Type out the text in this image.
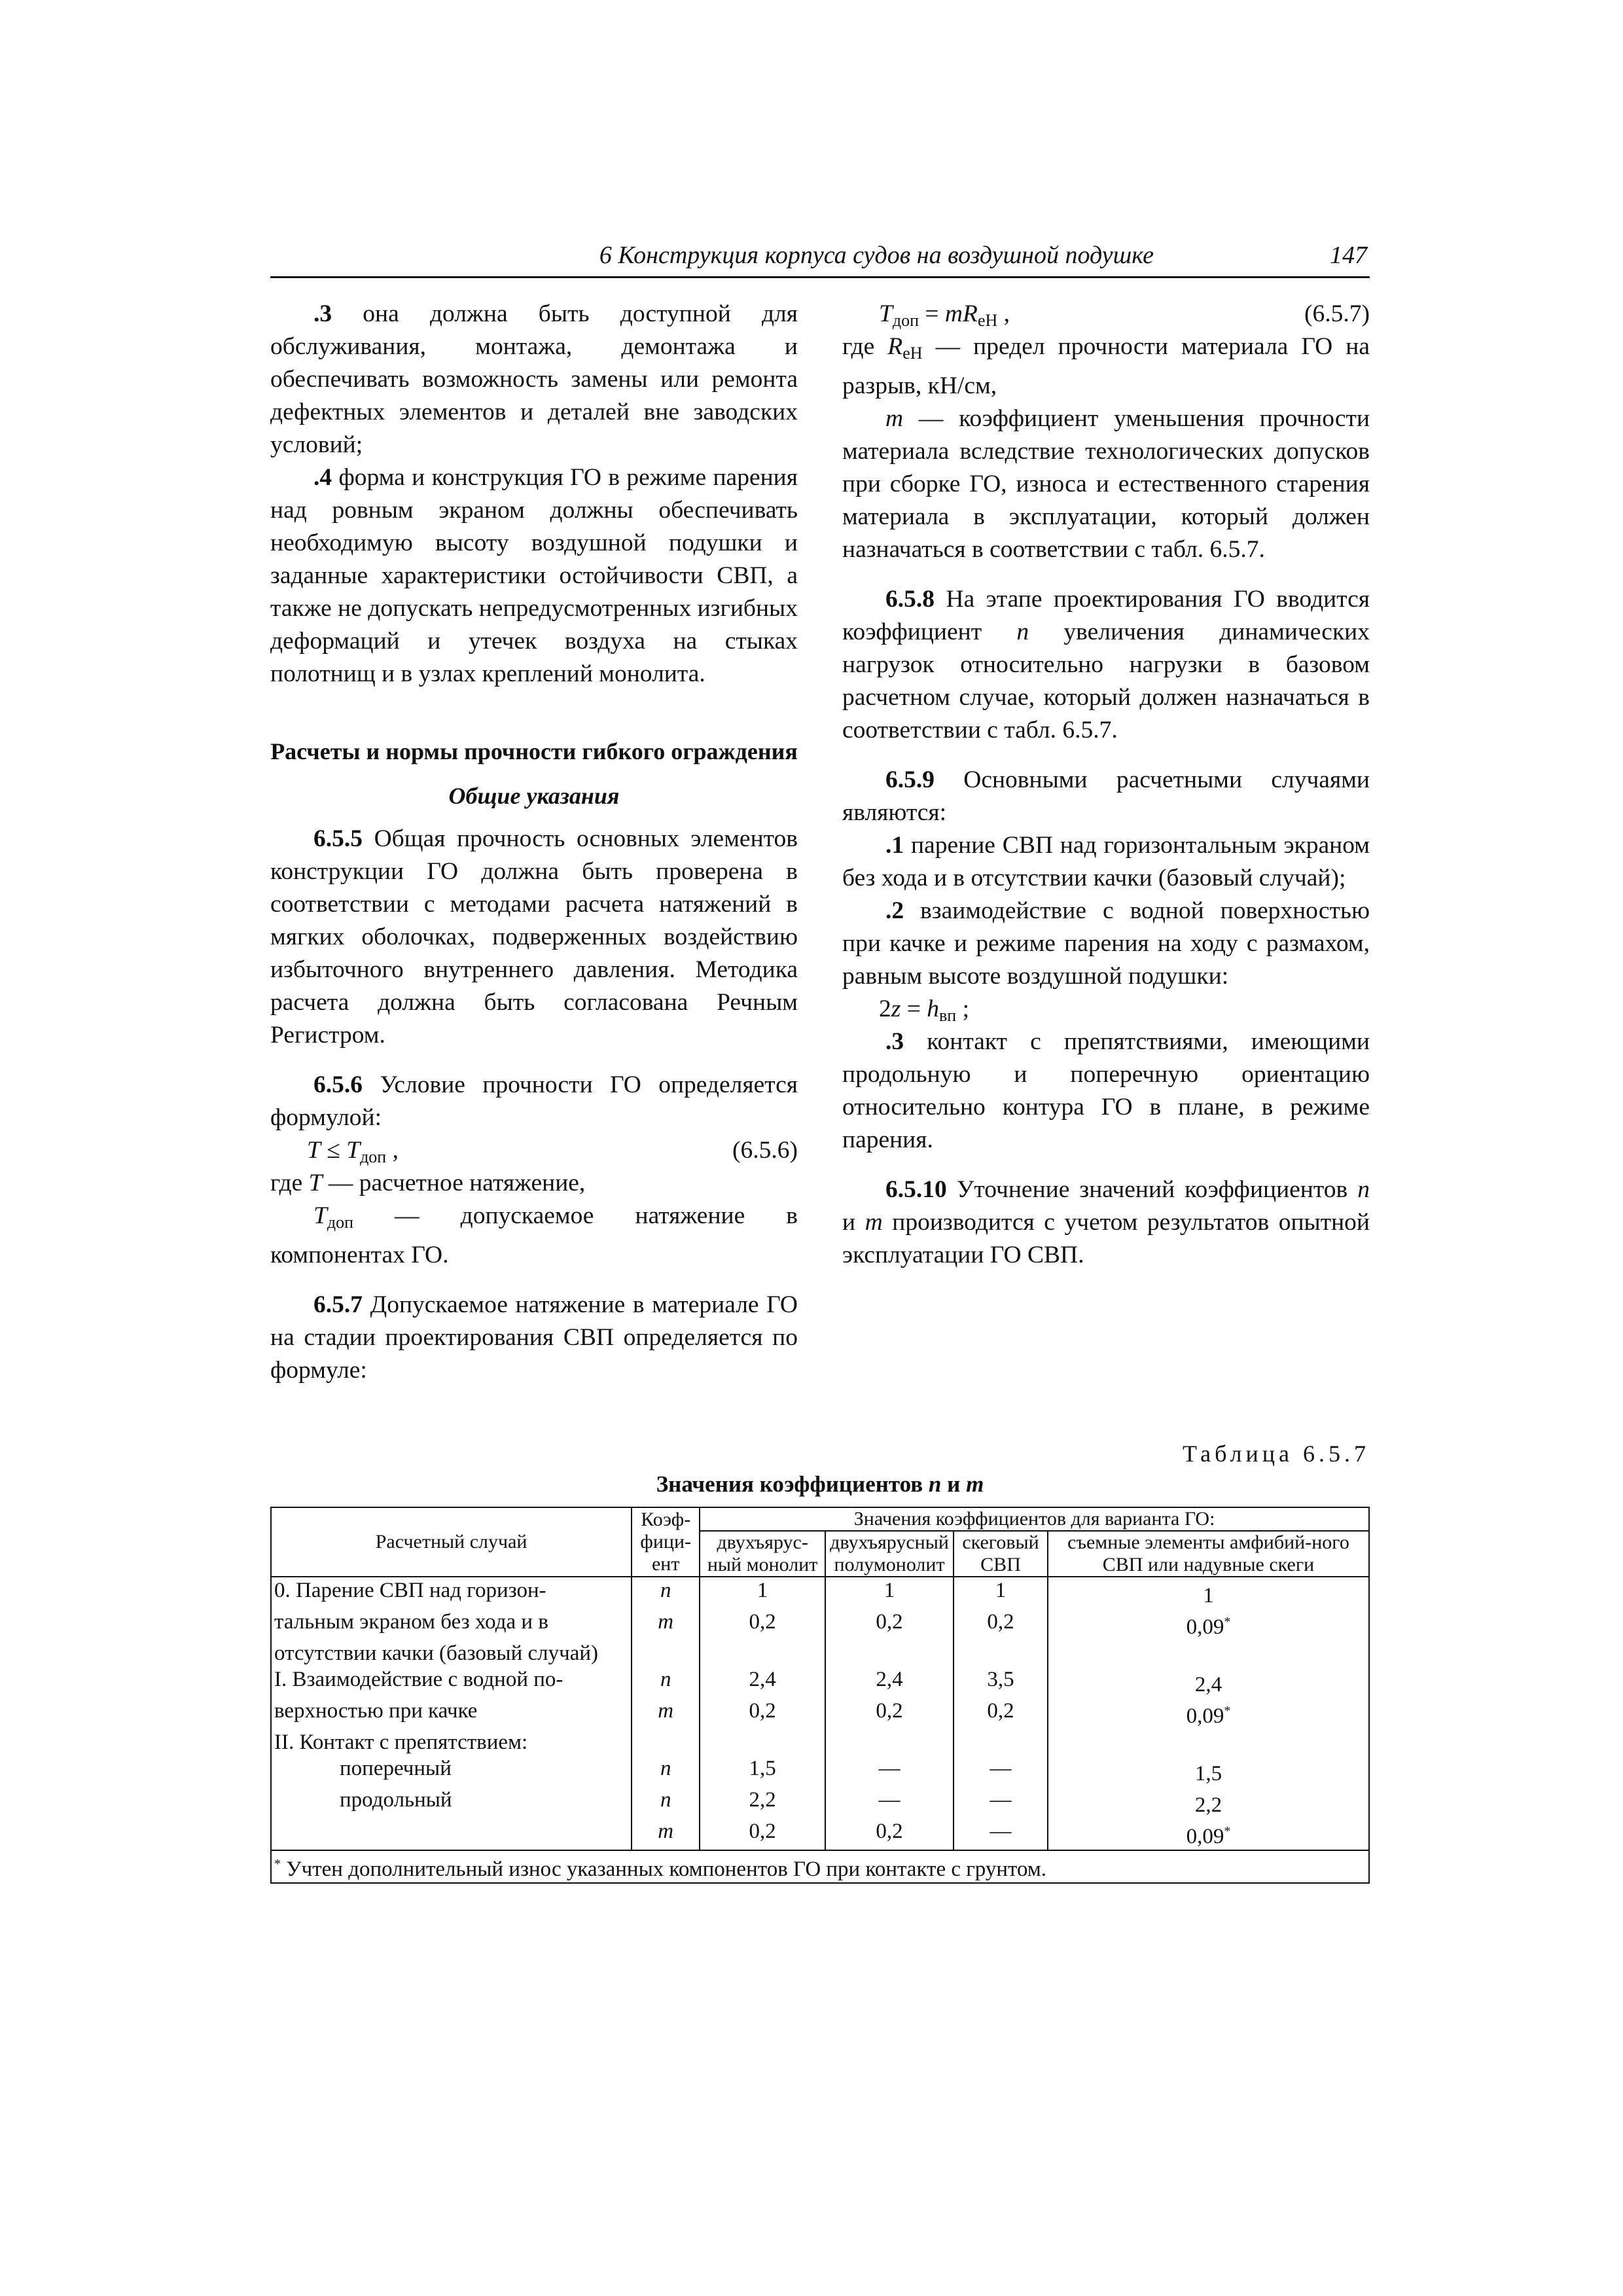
6 Конструкция корпуса судов на воздушной подушке	147

.3 она должна быть доступной для обслуживания, монтажа, демонтажа и обеспечивать возможность замены или ремонта дефектных элементов и деталей вне заводских условий;

.4 форма и конструкция ГО в режиме парения над ровным экраном должны обеспечивать необходимую высоту воздушной подушки и заданные характеристики остойчивости СВП, а также не допускать непредусмотренных изгибных деформаций и утечек воздуха на стыках полотнищ и в узлах креплений монолита.

Расчеты и нормы прочности гибкого ограждения
Общие указания

6.5.5 Общая прочность основных элементов конструкции ГО должна быть проверена в соответствии с методами расчета натяжений в мягких оболочках, подверженных воздействию избыточного внутреннего давления. Методика расчета должна быть согласована Речным Регистром.

6.5.6 Условие прочности ГО определяется формулой:

$T \le T_{доп}$ ,	(6.5.6)

где T — расчетное натяжение,

$T_{доп}$ — допускаемое натяжение в компонентах ГО.

6.5.7 Допускаемое натяжение в материале ГО на стадии проектирования СВП определяется по формуле:

$T_{доп} = mR_{eН}$ ,	(6.5.7)

где $R_{eН}$ — предел прочности материала ГО на разрыв, кН/см,

m — коэффициент уменьшения прочности материала вследствие технологических допусков при сборке ГО, износа и естественного старения материала в эксплуатации, который должен назначаться в соответствии с табл. 6.5.7.

6.5.8 На этапе проектирования ГО вводится коэффициент n увеличения динамических нагрузок относительно нагрузки в базовом расчетном случае, который должен назначаться в соответствии с табл. 6.5.7.

6.5.9 Основными расчетными случаями являются:

.1 парение СВП над горизонтальным экраном без хода и в отсутствии качки (базовый случай);

.2 взаимодействие с водной поверхностью при качке и режиме парения на ходу с размахом, равным высоте воздушной подушки:

$2z = h_{вп}$ ;

.3 контакт с препятствиями, имеющими продольную и поперечную ориентацию относительно контура ГО в плане, в режиме парения.

6.5.10 Уточнение значений коэффициентов n и m производится с учетом результатов опытной эксплуатации ГО СВП.

Таблица 6.5.7
Значения коэффициентов n и m
Расчетный случай	Коэф-фици-ент	Значения коэффициентов для варианта ГО:			
		двухъярус-ный монолит	двухъярусный полумонолит	скеговый СВП	съемные элементы амфибий-ного СВП или надувные скеги
0. Парение СВП над горизон-	n	1	1	1	1
тальным экраном без хода и в	m	0,2	0,2	0,2	0,09*
отсутствии качки (базовый случай)					
I. Взаимодействие с водной по-	n	2,4	2,4	3,5	2,4
верхностью при качке	m	0,2	0,2	0,2	0,09*
II. Контакт с препятствием:					
поперечный	n	1,5	—	—	1,5
продольный	n	2,2	—	—	2,2
	m	0,2	0,2	—	0,09*
* Учтен дополнительный износ указанных компонентов ГО при контакте с грунтом.					
